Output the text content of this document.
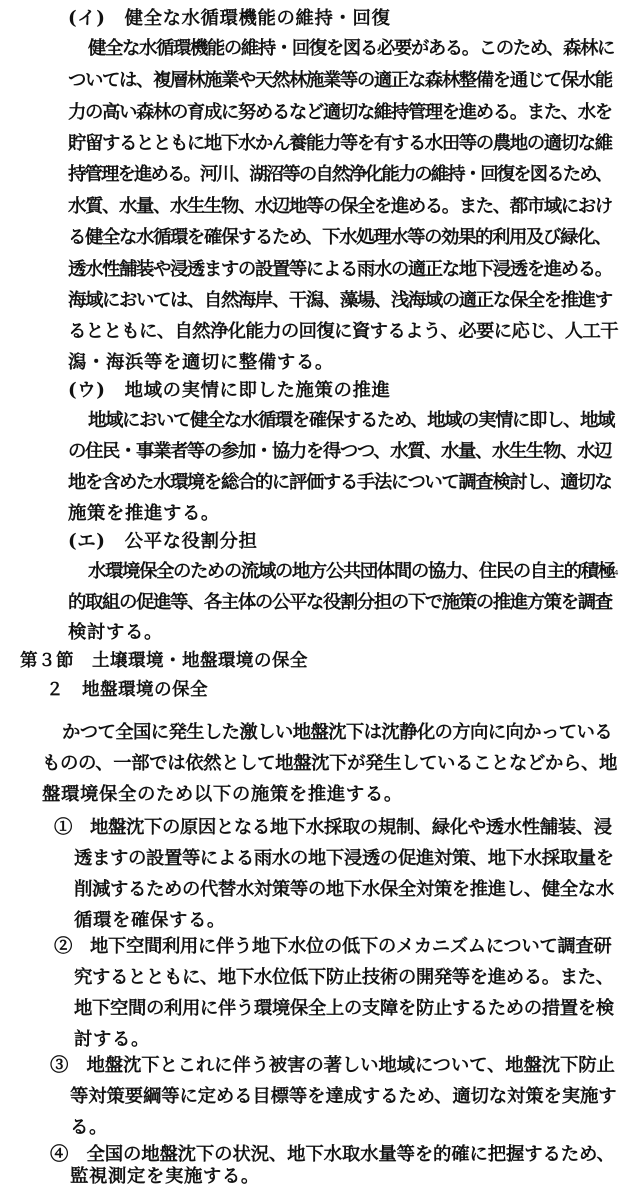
(イ)　健全な水循環機能の維持・回復
健全な水循環機能の維持・回復を図る必要がある。このため、森林に
ついては、複層林施業や天然林施業等の適正な森林整備を通じて保水能
力の高い森林の育成に努めるなど適切な維持管理を進める。また、水を
貯留するとともに地下水かん養能力等を有する水田等の農地の適切な維
持管理を進める。河川、湖沼等の自然浄化能力の維持・回復を図るため、
水質、水量、水生生物、水辺地等の保全を進める。また、都市域におけ
る健全な水循環を確保するため、下水処理水等の効果的利用及び緑化、
透水性舗装や浸透ますの設置等による雨水の適正な地下浸透を進める。
海域においては、自然海岸、干潟、藻場、浅海域の適正な保全を推進す
るとともに、自然浄化能力の回復に資するよう、必要に応じ、人工干
潟・海浜等を適切に整備する。
(ウ)　地域の実情に即した施策の推進
地域において健全な水循環を確保するため、地域の実情に即し、地域
の住民・事業者等の参加・協力を得つつ、水質、水量、水生生物、水辺
地を含めた水環境を総合的に評価する手法について調査検討し、適切な
施策を推進する。
(エ)　公平な役割分担
水環境保全のための流域の地方公共団体間の協力、住民の自主的積極
的取組の促進等、各主体の公平な役割分担の下で施策の推進方策を調査
検討する。
4
第３節　土壌環境・地盤環境の保全
２　地盤環境の保全
かつて全国に発生した激しい地盤沈下は沈静化の方向に向かっている
ものの、一部では依然として地盤沈下が発生していることなどから、地
盤環境保全のため以下の施策を推進する。
①　地盤沈下の原因となる地下水採取の規制、緑化や透水性舗装、浸
透ますの設置等による雨水の地下浸透の促進対策、地下水採取量を
削減するための代替水対策等の地下水保全対策を推進し、健全な水
循環を確保する。
②　地下空間利用に伴う地下水位の低下のメカニズムについて調査研
究するとともに、地下水位低下防止技術の開発等を進める。また、
地下空間の利用に伴う環境保全上の支障を防止するための措置を検
討する。
③　地盤沈下とこれに伴う被害の著しい地域について、地盤沈下防止
等対策要綱等に定める目標等を達成するため、適切な対策を実施す
る。
④　全国の地盤沈下の状況、地下水取水量等を的確に把握するため、
監視測定を実施する。
